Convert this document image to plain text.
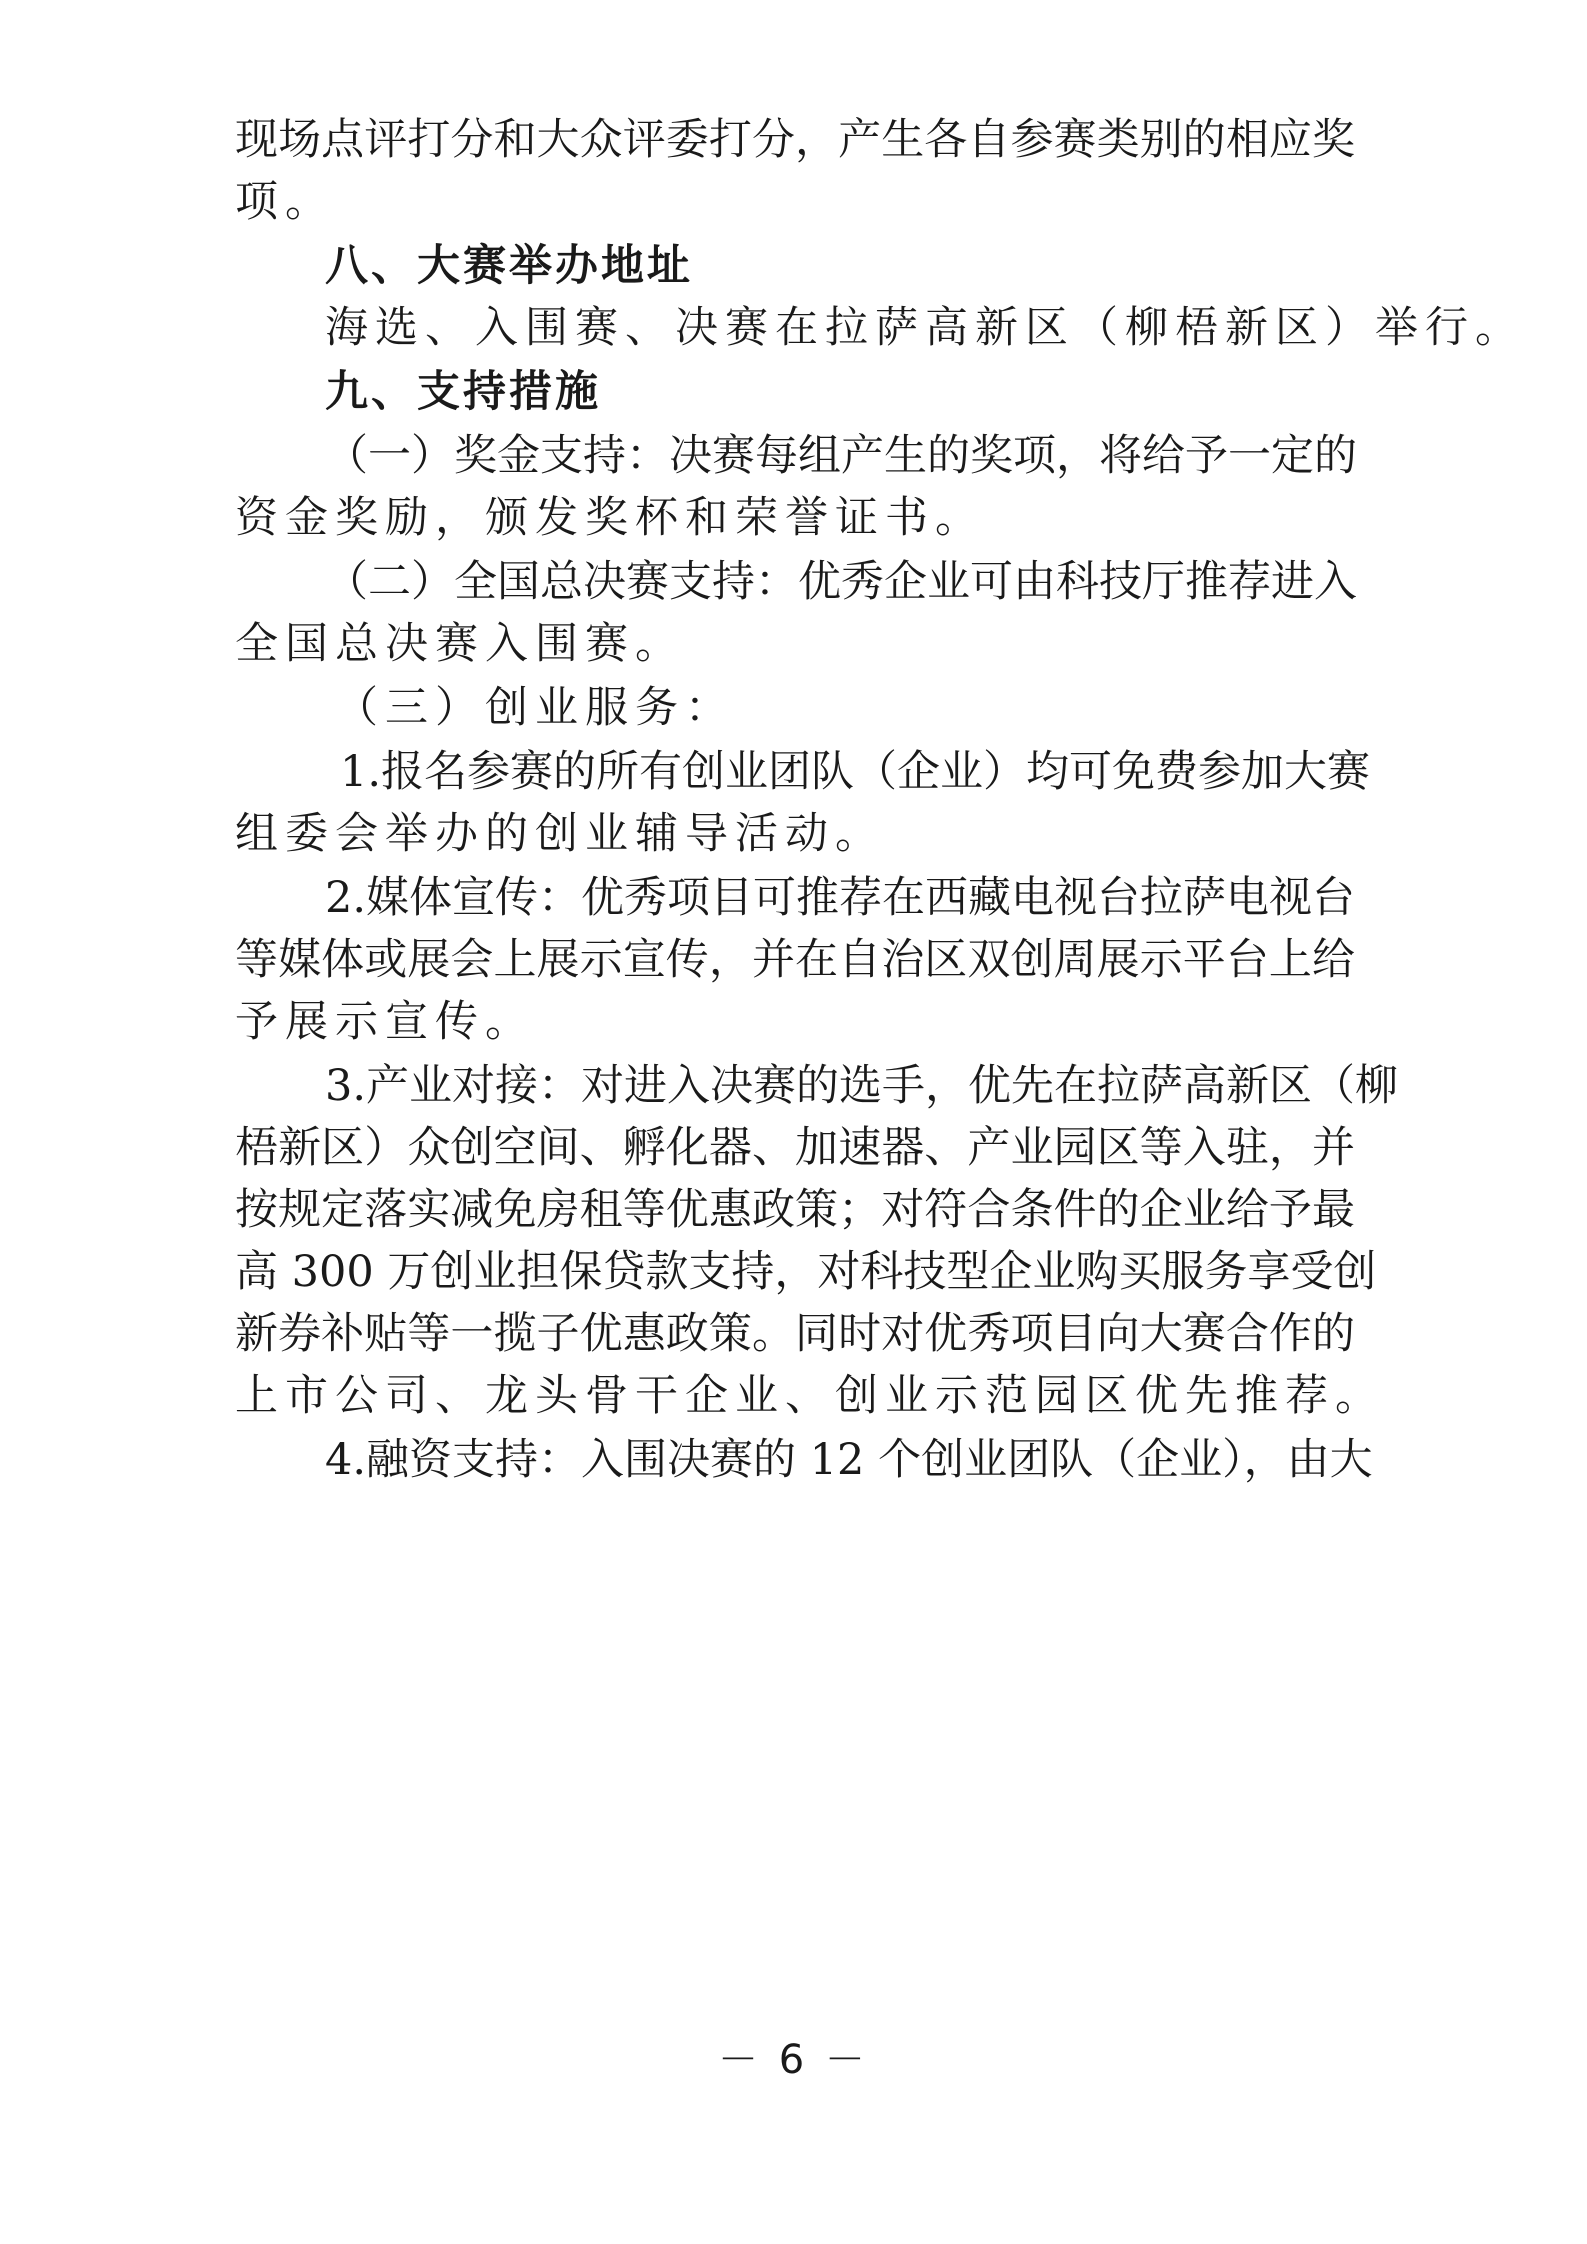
现场点评打分和大众评委打分，产生各自参赛类别的相应奖
项。
八、大赛举办地址
海选、入围赛、决赛在拉萨高新区（柳梧新区）举行。
九、支持措施
（一）奖金支持：决赛每组产生的奖项，将给予一定的
资金奖励，颁发奖杯和荣誉证书。
（二）全国总决赛支持：优秀企业可由科技厅推荐进入
全国总决赛入围赛。
（三）创业服务：
1.报名参赛的所有创业团队（企业）均可免费参加大赛
组委会举办的创业辅导活动。
2.媒体宣传：优秀项目可推荐在西藏电视台拉萨电视台
等媒体或展会上展示宣传，并在自治区双创周展示平台上给
予展示宣传。
3.产业对接：对进入决赛的选手，优先在拉萨高新区（柳
梧新区）众创空间、孵化器、加速器、产业园区等入驻，并
按规定落实减免房租等优惠政策；对符合条件的企业给予最
高 300 万创业担保贷款支持，对科技型企业购买服务享受创
新券补贴等一揽子优惠政策。同时对优秀项目向大赛合作的
上市公司、龙头骨干企业、创业示范园区优先推荐。
4.融资支持：入围决赛的 12 个创业团队（企业），由大
－ 6 －
